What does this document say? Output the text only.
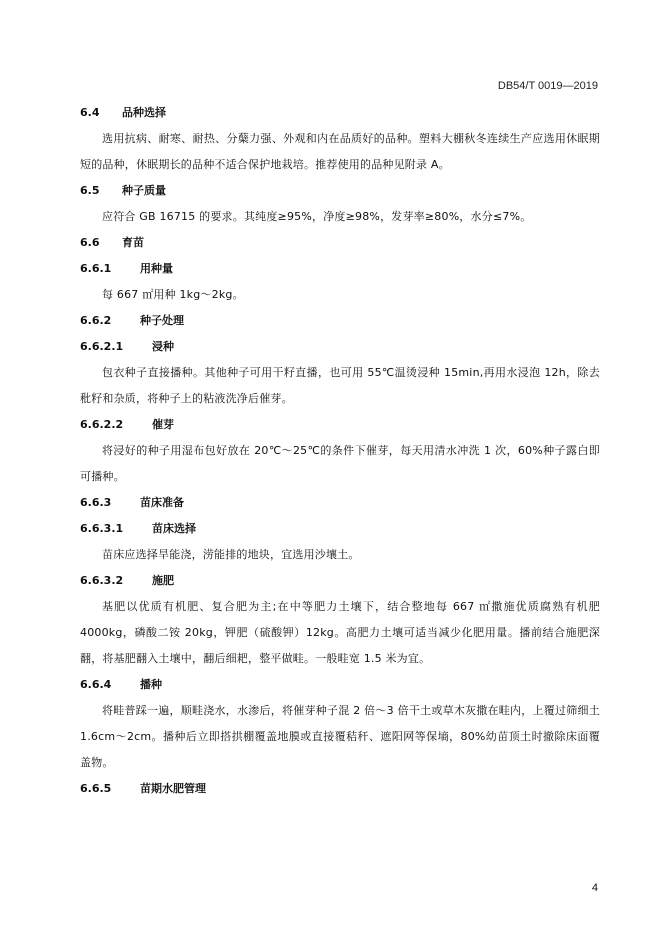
DB54/T 0019—2019
6.4 品种选择

选用抗病、耐寒、耐热、分蘖力强、外观和内在品质好的品种。塑料大棚秋冬连续生产应选用休眠期短的品种，休眠期长的品种不适合保护地栽培。推荐使用的品种见附录 A。

6.5 种子质量

应符合 GB 16715 的要求。其纯度≥95%，净度≥98%，发芽率≥80%，水分≤7%。

6.6 育苗
6.6.1	用种量

每 667 ㎡用种 1kg～2kg。

6.6.2	种子处理
6.6.2.1	浸种

包衣种子直接播种。其他种子可用干籽直播，也可用 55℃温烫浸种 15min,再用水浸泡 12h，除去秕籽和杂质，将种子上的粘液洗净后催芽。

6.6.2.2	催芽

将浸好的种子用湿布包好放在 20℃～25℃的条件下催芽，每天用清水冲洗 1 次，60%种子露白即可播种。

6.6.3	苗床准备
6.6.3.1	苗床选择

苗床应选择旱能浇，涝能排的地块，宜选用沙壤土。

6.6.3.2	施肥

基肥以优质有机肥、复合肥为主;在中等肥力土壤下，结合整地每 667 ㎡撒施优质腐熟有机肥 4000kg，磷酸二铵 20kg，钾肥（硫酸钾）12kg。高肥力土壤可适当减少化肥用量。播前结合施肥深翻，将基肥翻入土壤中，翻后细耙，整平做畦。一般畦宽 1.5 米为宜。

6.6.4	播种

将畦普踩一遍，顺畦浇水，水渗后，将催芽种子混 2 倍～3 倍干土或草木灰撒在畦内，上覆过筛细土 1.6cm～2cm。播种后立即搭拱棚覆盖地膜或直接覆秸秆、遮阳网等保墒，80%幼苗顶土时撤除床面覆盖物。

6.6.5	苗期水肥管理
4
